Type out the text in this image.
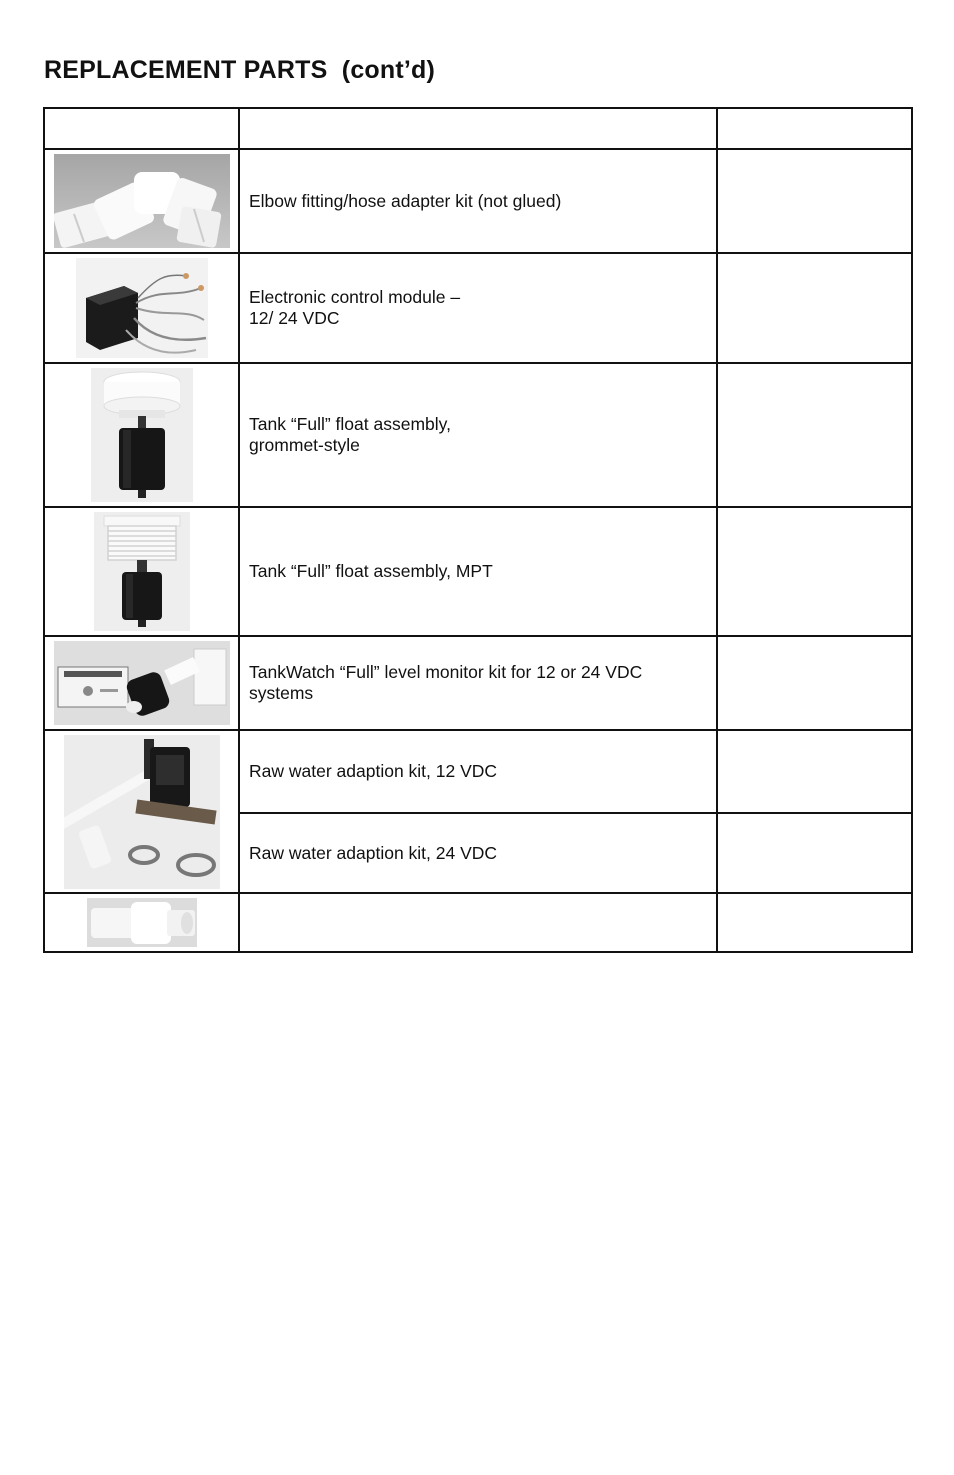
REPLACEMENT PARTS  (cont’d)

Elbow fitting/hose adapter kit (not glued)	

Electronic control module –
12/ 24 VDC	

Tank “Full” float assembly,
grommet-style	

Tank “Full” float assembly, MPT	

TankWatch “Full” level monitor kit for 12 or 24 VDC
systems	

Raw water adaption kit, 12 VDC	

	Raw water adaption kit, 24 VDC	
